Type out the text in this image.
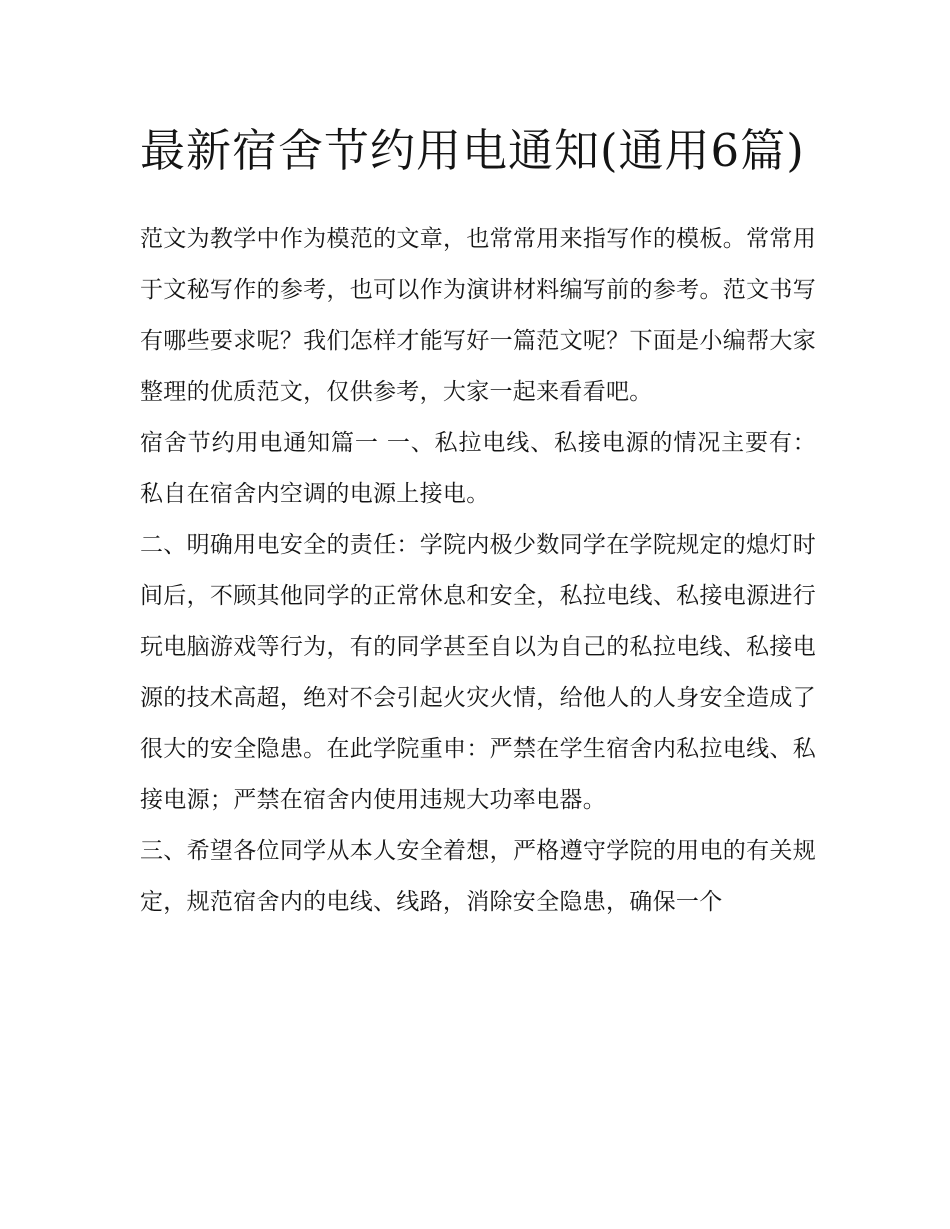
最新宿舍节约用电通知(通用6篇)

范文为教学中作为模范的文章，也常常用来指写作的模板。常常用于文秘写作的参考，也可以作为演讲材料编写前的参考。范文书写有哪些要求呢？我们怎样才能写好一篇范文呢？下面是小编帮大家整理的优质范文，仅供参考，大家一起来看看吧。

宿舍节约用电通知篇一 一、私拉电线、私接电源的情况主要有：私自在宿舍内空调的电源上接电。

二、明确用电安全的责任：学院内极少数同学在学院规定的熄灯时间后，不顾其他同学的正常休息和安全，私拉电线、私接电源进行玩电脑游戏等行为，有的同学甚至自以为自己的私拉电线、私接电源的技术高超，绝对不会引起火灾火情，给他人的人身安全造成了很大的安全隐患。在此学院重申：严禁在学生宿舍内私拉电线、私接电源；严禁在宿舍内使用违规大功率电器。

三、希望各位同学从本人安全着想，严格遵守学院的用电的有关规定，规范宿舍内的电线、线路，消除安全隐患，确保一个
